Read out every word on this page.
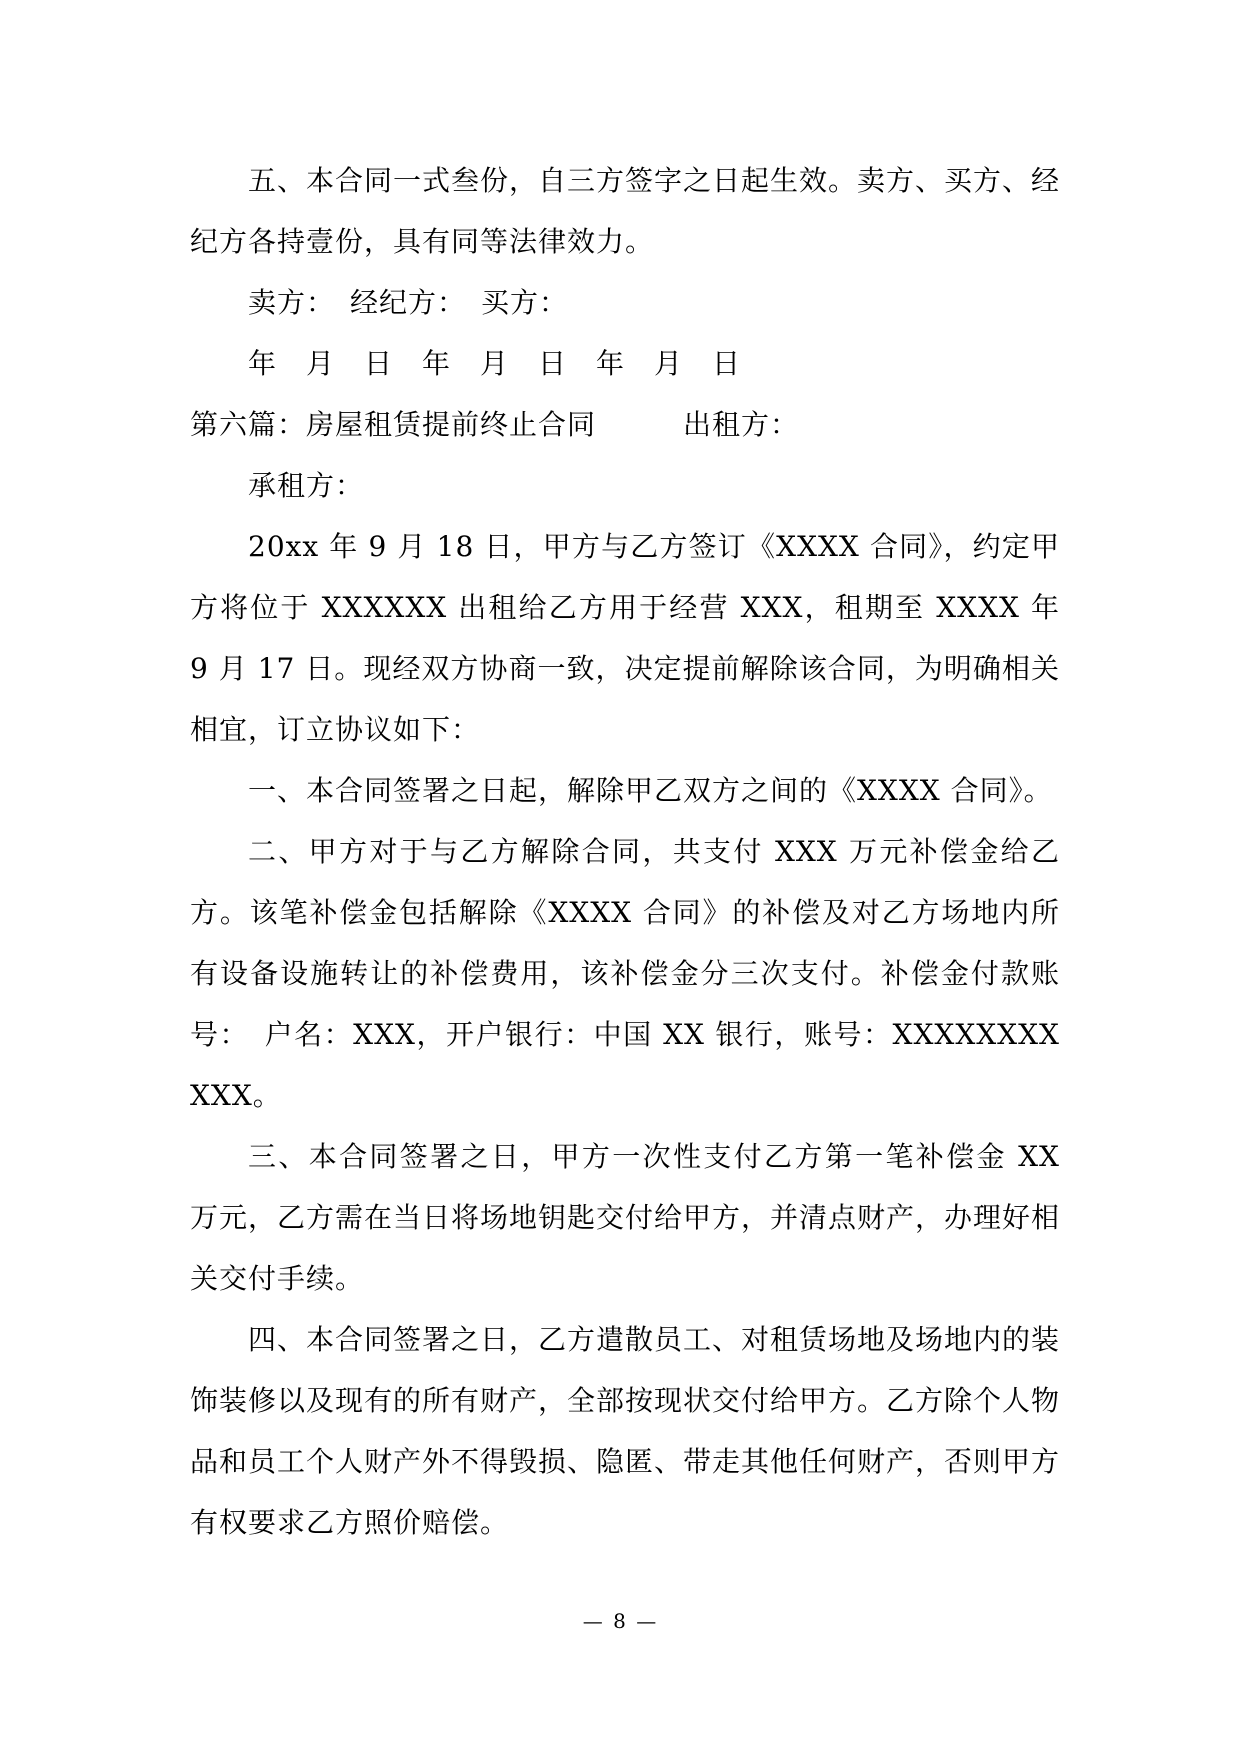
五、本合同一式叁份，自三方签字之日起生效。卖方、买方、经纪方各持壹份，具有同等法律效力。

卖方：　经纪方：　买方：

年　月　日　年　月　日　年　月　日

第六篇：房屋租赁提前终止合同　　　出租方：

承租方：

20xx 年 9 月 18 日，甲方与乙方签订《XXXX 合同》，约定甲方将位于 XXXXXX 出租给乙方用于经营 XXX，租期至 XXXX 年 9 月 17 日。现经双方协商一致，决定提前解除该合同，为明确相关相宜，订立协议如下：

一、本合同签署之日起，解除甲乙双方之间的《XXXX 合同》。

二、甲方对于与乙方解除合同，共支付 XXX 万元补偿金给乙方。该笔补偿金包括解除《XXXX 合同》的补偿及对乙方场地内所有设备设施转让的补偿费用，该补偿金分三次支付。补偿金付款账号：　户名：XXX，开户银行：中国 XX 银行，账号：XXXXXXXXXXX。

三、本合同签署之日，甲方一次性支付乙方第一笔补偿金 XX 万元，乙方需在当日将场地钥匙交付给甲方，并清点财产，办理好相关交付手续。

四、本合同签署之日，乙方遣散员工、对租赁场地及场地内的装饰装修以及现有的所有财产，全部按现状交付给甲方。乙方除个人物品和员工个人财产外不得毁损、隐匿、带走其他任何财产，否则甲方有权要求乙方照价赔偿。

— 8 —
